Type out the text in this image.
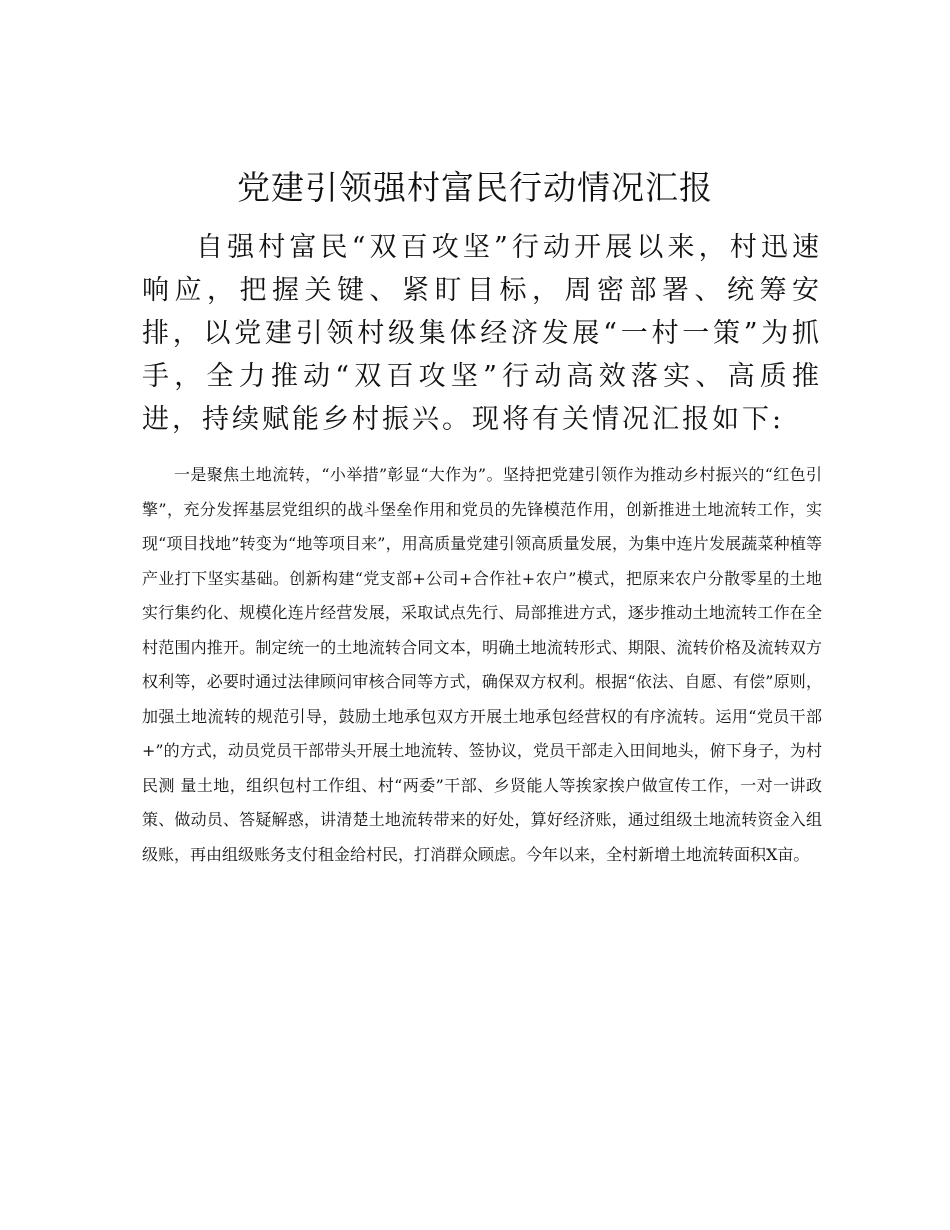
党建引领强村富民行动情况汇报

自强村富民“双百攻坚”行动开展以来，村迅速响应，把握关键、紧盯目标，周密部署、统筹安排，以党建引领村级集体经济发展“一村一策”为抓手，全力推动“双百攻坚”行动高效落实、高质推进，持续赋能乡村振兴。现将有关情况汇报如下:

一是聚焦土地流转，“小举措”彰显“大作为”。坚持把党建引领作为推动乡村振兴的“红色引擎”，充分发挥基层党组织的战斗堡垒作用和党员的先锋模范作用，创新推进土地流转工作，实现“项目找地”转变为“地等项目来”，用高质量党建引领高质量发展，为集中连片发展蔬菜种植等产业打下坚实基础。创新构建“党支部+公司+合作社+农户”模式，把原来农户分散零星的土地实行集约化、规模化连片经营发展，采取试点先行、局部推进方式，逐步推动土地流转工作在全村范围内推开。制定统一的土地流转合同文本，明确土地流转形式、期限、流转价格及流转双方权利等，必要时通过法律顾问审核合同等方式，确保双方权利。根据“依法、自愿、有偿”原则，加强土地流转的规范引导，鼓励土地承包双方开展土地承包经营权的有序流转。运用“党员干部+”的方式，动员党员干部带头开展土地流转、签协议，党员干部走入田间地头，俯下身子，为村民测 量土地，组织包村工作组、村“两委”干部、乡贤能人等挨家挨户做宣传工作，一对一讲政策、做动员、答疑解惑，讲清楚土地流转带来的好处，算好经济账，通过组级土地流转资金入组级账，再由组级账务支付租金给村民，打消群众顾虑。今年以来，全村新增土地流转面积X亩。
